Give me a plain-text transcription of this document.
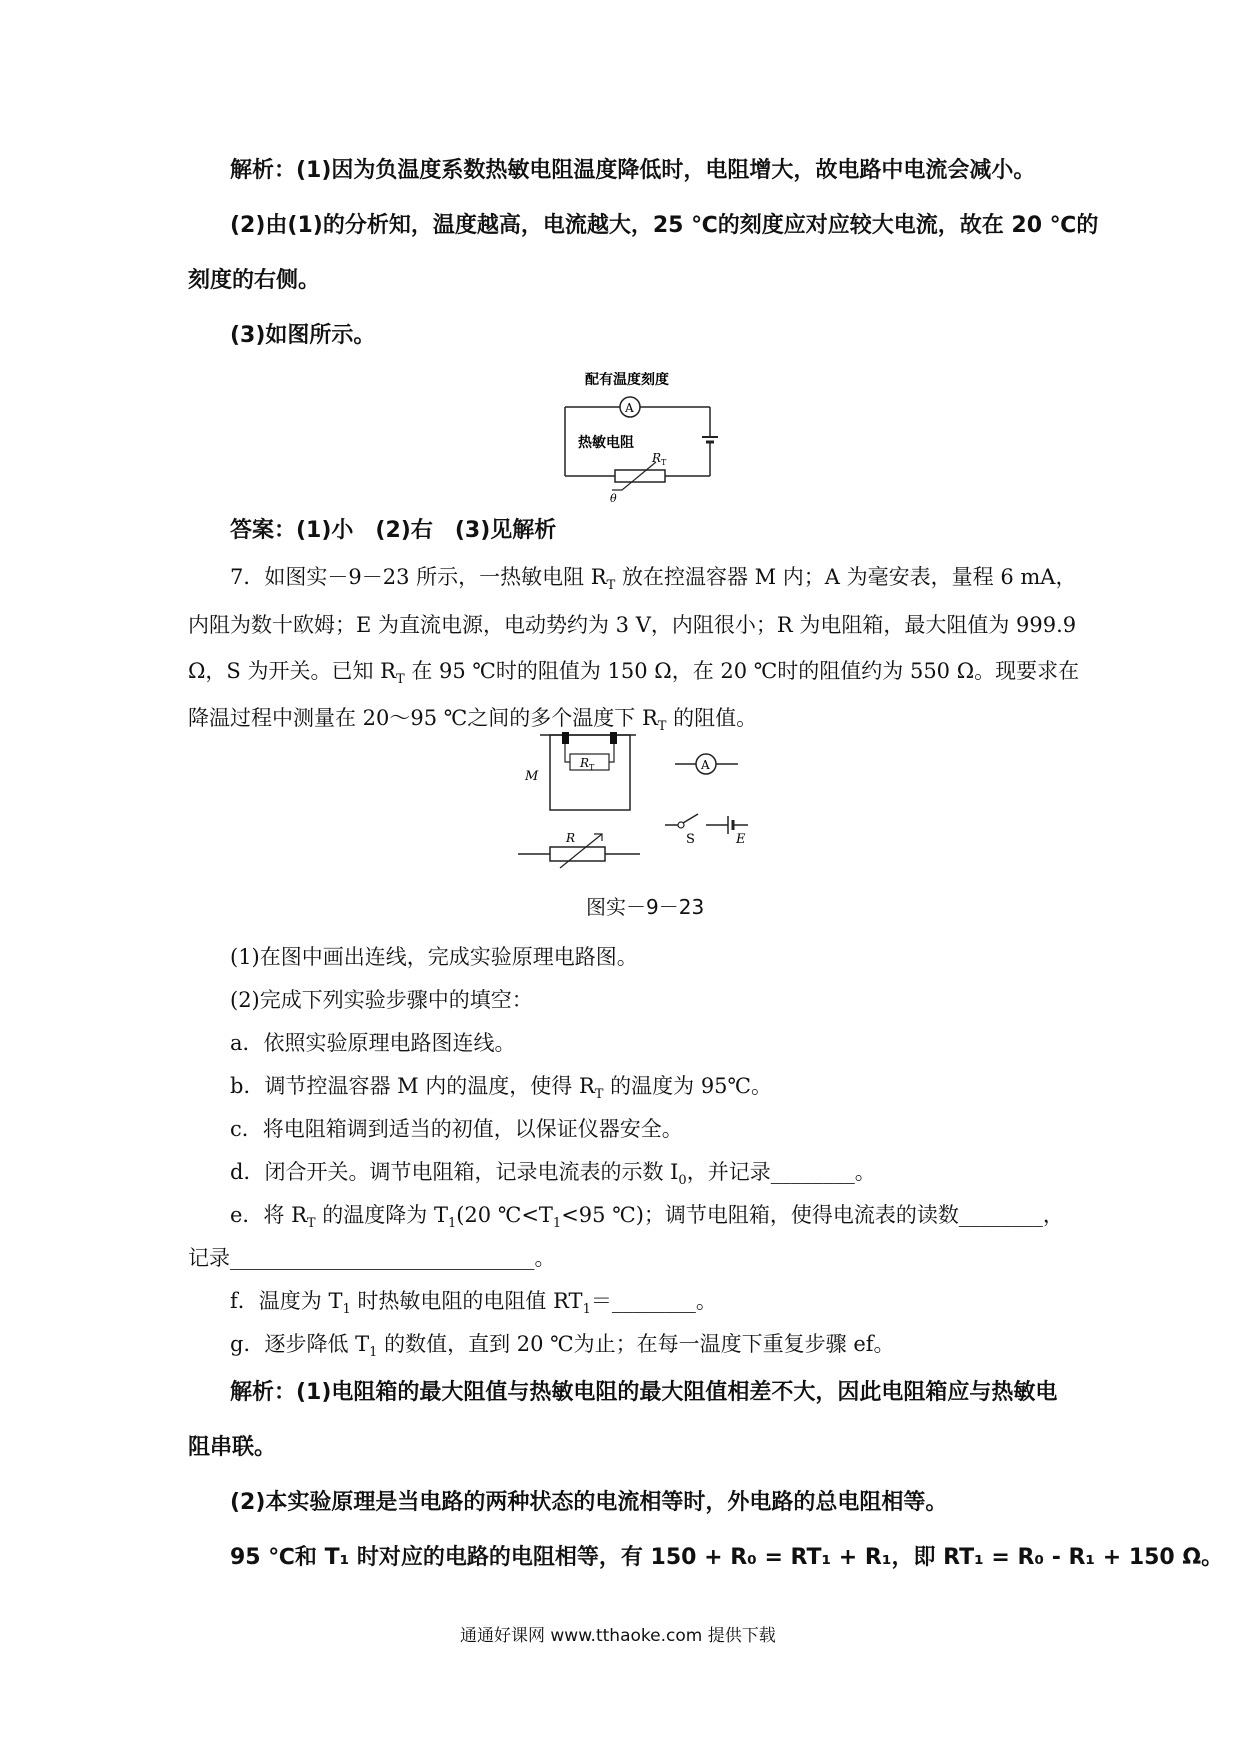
解析：(1)因为负温度系数热敏电阻温度降低时，电阻增大，故电路中电流会减小。
(2)由(1)的分析知，温度越高，电流越大，25 ℃的刻度应对应较大电流，故在 20 ℃的
刻度的右侧。
(3)如图所示。
配有温度刻度
A
热敏电阻
R T
θ
答案：(1)小　(2)右　(3)见解析
7．如图实－9－23 所示，一热敏电阻 $R_T$ 放在控温容器 M 内；A 为毫安表，量程 6 mA，
内阻为数十欧姆；E 为直流电源，电动势约为 3 V，内阻很小；R 为电阻箱，最大阻值为 999.9
Ω，S 为开关。已知 $R_T$ 在 95 ℃时的阻值为 150 Ω，在 20 ℃时的阻值约为 550 Ω。现要求在
降温过程中测量在 20～95 ℃之间的多个温度下 $R_T$ 的阻值。
R T
M
A
S	E
R
图实－9－23
(1)在图中画出连线，完成实验原理电路图。
(2)完成下列实验步骤中的填空：
a．依照实验原理电路图连线。
b．调节控温容器 M 内的温度，使得 $R_T$ 的温度为 95℃。
c．将电阻箱调到适当的初值，以保证仪器安全。
d．闭合开关。调节电阻箱，记录电流表的示数 $I_0$，并记录________。
e．将 $R_T$ 的温度降为 $T_1(20$ $℃<T_1<95$ ℃)；调节电阻箱，使得电流表的读数________，
记录_____________________________。
f．温度为 $T_1$ 时热敏电阻的电阻值 $RT_1=\_\_\_\_\_\_\_\_$。
g．逐步降低 $T_1$ 的数值，直到 20 ℃为止；在每一温度下重复步骤 ef。
解析：(1)电阻箱的最大阻值与热敏电阻的最大阻值相差不大，因此电阻箱应与热敏电
阻串联。
(2)本实验原理是当电路的两种状态的电流相等时，外电路的总电阻相等。
95 ℃和 T₁ 时对应的电路的电阻相等，有 150 + R₀ = RT₁ + R₁，即 RT₁ = R₀ - R₁ + 150 Ω。
通通好课网 www.tthaoke.com 提供下载
